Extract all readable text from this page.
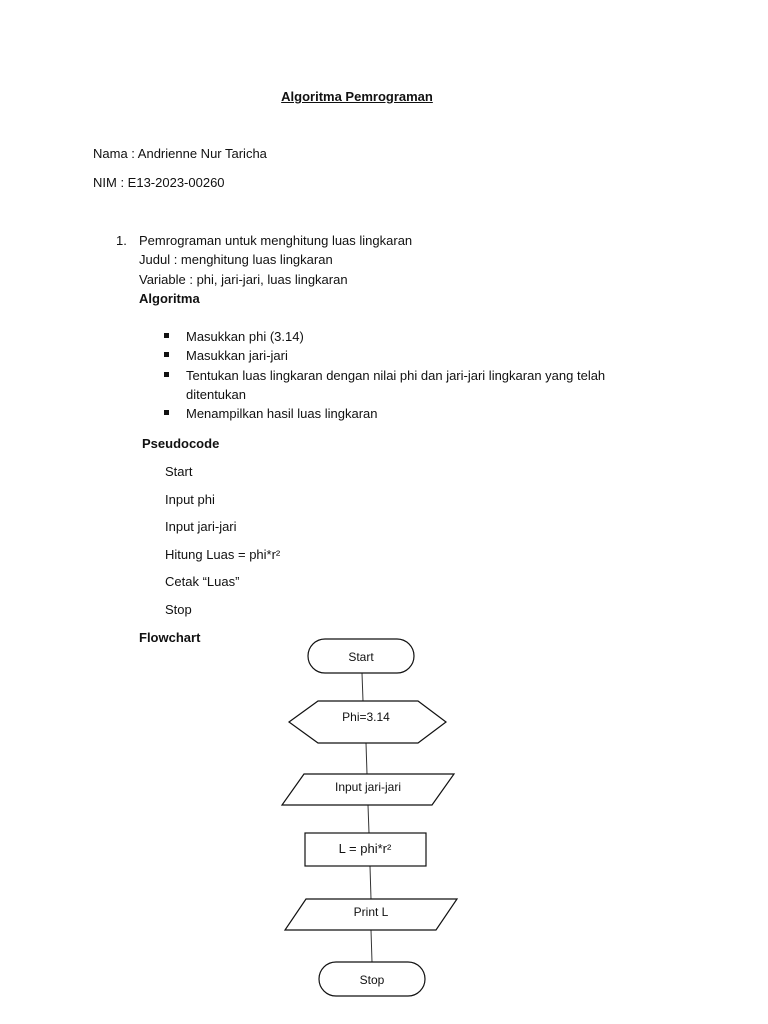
Algoritma Pemrograman
Nama : Andrienne Nur Taricha
NIM : E13-2023-00260
1. Pemrograman untuk menghitung luas lingkaran
Judul : menghitung luas lingkaran
Variable : phi, jari-jari, luas lingkaran
Algoritma
Masukkan phi (3.14)
Masukkan jari-jari
Tentukan luas lingkaran dengan nilai phi dan jari-jari lingkaran yang telah
ditentukan
Menampilkan hasil luas lingkaran
Pseudocode
Start
Input phi
Input jari-jari
Hitung Luas = phi*r²
Cetak “Luas”
Stop
Flowchart
Start
Phi=3.14
Input jari-jari
L = phi*r²
Print L
Stop
